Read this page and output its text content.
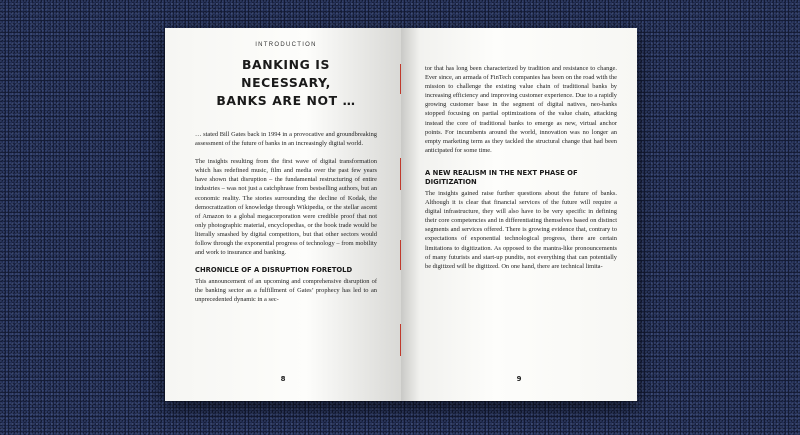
INTRODUCTION
BANKING IS NECESSARY,
BANKS ARE NOT …

… stated Bill Gates back in 1994 in a provocative and groundbreaking assessment of the future of banks in an increasingly digital world.

The insights resulting from the first wave of digital transformation which has redefined music, film and media over the past few years have shown that disruption – the fundamental restructuring of entire industries – was not just a catchphrase from bestselling authors, but an economic reality. The stories surrounding the decline of Kodak, the democratization of knowledge through Wikipedia, or the stellar ascent of Amazon to a global megacorporation were credible proof that not only photographic material, encyclopedias, or the book trade would be literally smashed by digital competitors, but that other sectors would follow through the exponential progress of technology – from mobility and work to insurance and banking.

CHRONICLE OF A DISRUPTION FORETOLD

This announcement of an upcoming and comprehensive disruption of the banking sector as a fulfillment of Gates’ prophecy has led to an unprecedented dynamic in a sec-

8

tor that has long been characterized by tradition and resistance to change. Ever since, an armada of FinTech companies has been on the road with the mission to challenge the existing value chain of traditional banks by increasing efficiency and improving customer experience. Due to a rapidly growing customer base in the segment of digital natives, neo-banks stopped focusing on partial optimizations of the value chain, attacking instead the core of traditional banks to emerge as new, virtual anchor points. For incumbents around the world, innovation was no longer an empty marketing term as they tackled the structural change that had been anticipated for some time.

A NEW REALISM IN THE NEXT PHASE OF DIGITIZATION

The insights gained raise further questions about the future of banks. Although it is clear that financial services of the future will require a digital infrastructure, they will also have to be very specific in defining their core competencies and in differentiating themselves based on distinct segments and services offered. There is growing evidence that, contrary to expectations of exponential technological progress, there are certain limitations to digitization. As opposed to the mantra-like pronouncements of many futurists and start-up pundits, not everything that can potentially be digitized will be digitized. On one hand, there are technical limita-

9
